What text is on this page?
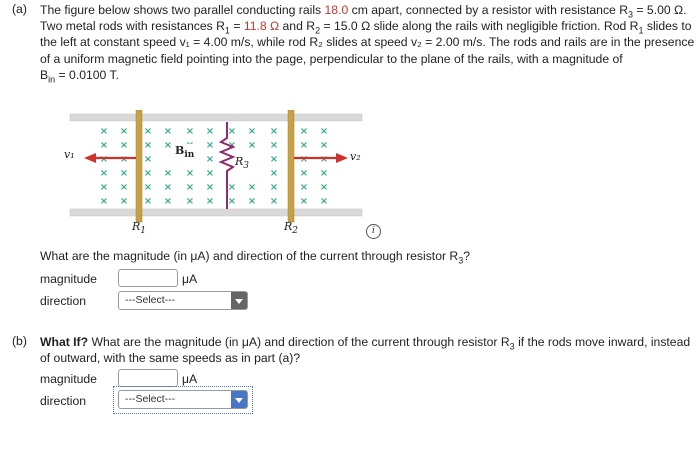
(a) The figure below shows two parallel conducting rails 18.0 cm apart, connected by a resistor with resistance $R_3 = 5.00$ Ω.
Two metal rods with resistances $R_1 = 11.8$ Ω and $R_2 = 15.0$ Ω slide along the rails with negligible friction. Rod $R_1$ slides to
the left at constant speed v₁ = 4.00 m/s, while rod R₂ slides at speed v₂ = 2.00 m/s. The rods and rails are in the presence
of a uniform magnetic field pointing into the page, perpendicular to the plane of the rails, with a magnitude of
$B_{in} = 0.0100$ T.
× × × × × × × × × × ×
× × × ×	× × × × × ×
× × ×	×	× × ×
× × × × × ×	× × ×
× × × × × × × × × × ×
× × × × × × × × × × ×
v₁	v₂
$B_{in}$	$R_3$
$R_1$	$R_2$	i
What are the magnitude (in μA) and direction of the current through resistor $R_3$?
magnitude	μA
direction	---Select---
(b) What If? What are the magnitude (in μA) and direction of the current through resistor $R_3$ if the rods move inward, instead
of outward, with the same speeds as in part (a)?
magnitude	μA
direction	---Select---
